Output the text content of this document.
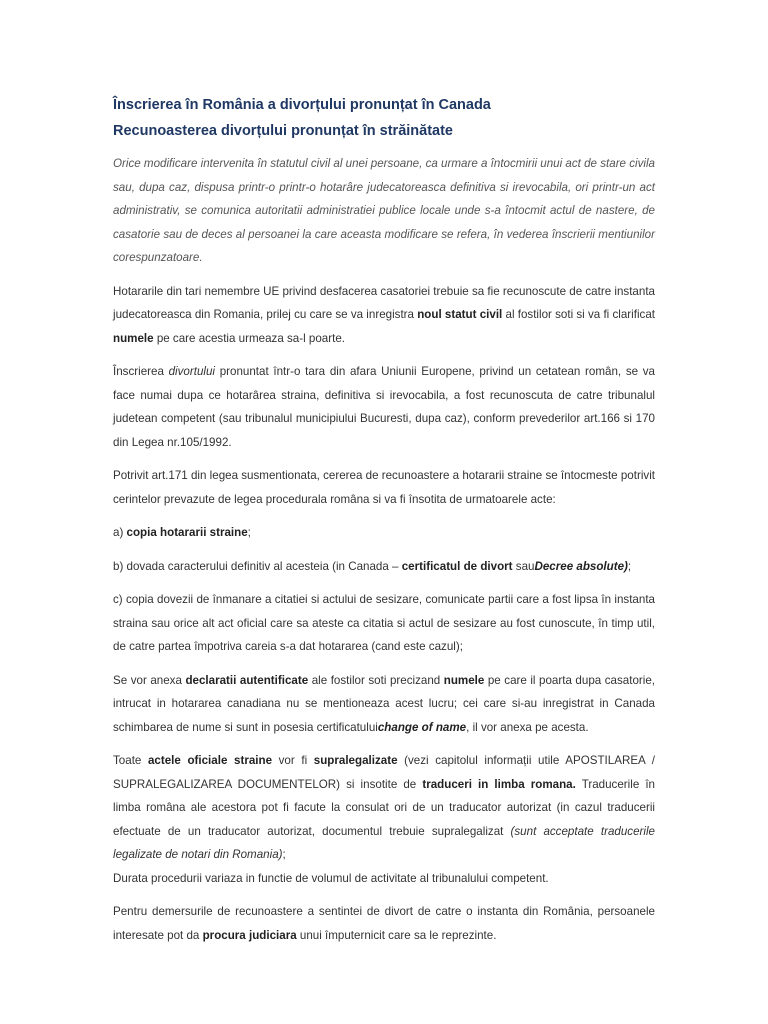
Înscrierea în România a divorțului pronunțat în Canada
Recunoasterea divorțului pronunțat în străinătate

Orice modificare intervenita în statutul civil al unei persoane, ca urmare a întocmirii unui act de stare civila sau, dupa caz, dispusa printr-o printr-o hotarâre judecatoreasca definitiva si irevocabila, ori printr-un act administrativ, se comunica autoritatii administratiei publice locale unde s-a întocmit actul de nastere, de casatorie sau de deces al persoanei la care aceasta modificare se refera, în vederea înscrierii mentiunilor corespunzatoare.

Hotararile din tari nemembre UE privind desfacerea casatoriei trebuie sa fie recunoscute de catre instanta judecatoreasca din Romania, prilej cu care se va inregistra noul statut civil al fostilor soti si va fi clarificat numele pe care acestia urmeaza sa-l poarte.

Înscrierea divortului pronuntat într-o tara din afara Uniunii Europene, privind un cetatean român, se va face numai dupa ce hotarârea straina, definitiva si irevocabila, a fost recunoscuta de catre tribunalul judetean competent (sau tribunalul municipiului Bucuresti, dupa caz), conform prevederilor art.166 si 170 din Legea nr.105/1992.

Potrivit art.171 din legea susmentionata, cererea de recunoastere a hotararii straine se întocmeste potrivit cerintelor prevazute de legea procedurala româna si va fi însotita de urmatoarele acte:

a) copia hotararii straine;

b) dovada caracterului definitiv al acesteia (in Canada – certificatul de divort sauDecree absolute);

c) copia dovezii de înmanare a citatiei si actului de sesizare, comunicate partii care a fost lipsa în instanta straina sau orice alt act oficial care sa ateste ca citatia si actul de sesizare au fost cunoscute, în timp util, de catre partea împotriva careia s-a dat hotararea (cand este cazul);

Se vor anexa declaratii autentificate ale fostilor soti precizand numele pe care il poarta dupa casatorie, intrucat in hotararea canadiana nu se mentioneaza acest lucru; cei care si-au inregistrat in Canada schimbarea de nume si sunt in posesia certificatuluichange of name, il vor anexa pe acesta.

Toate actele oficiale straine vor fi supralegalizate (vezi capitolul informații utile APOSTILAREA / SUPRALEGALIZAREA DOCUMENTELOR) si insotite de traduceri in limba romana. Traducerile în limba româna ale acestora pot fi facute la consulat ori de un traducator autorizat (in cazul traducerii efectuate de un traducator autorizat, documentul trebuie supralegalizat (sunt acceptate traducerile legalizate de notari din Romania);

Durata procedurii variaza in functie de volumul de activitate al tribunalului competent.

Pentru demersurile de recunoastere a sentintei de divort de catre o instanta din România, persoanele interesate pot da procura judiciara unui împuternicit care sa le reprezinte.
